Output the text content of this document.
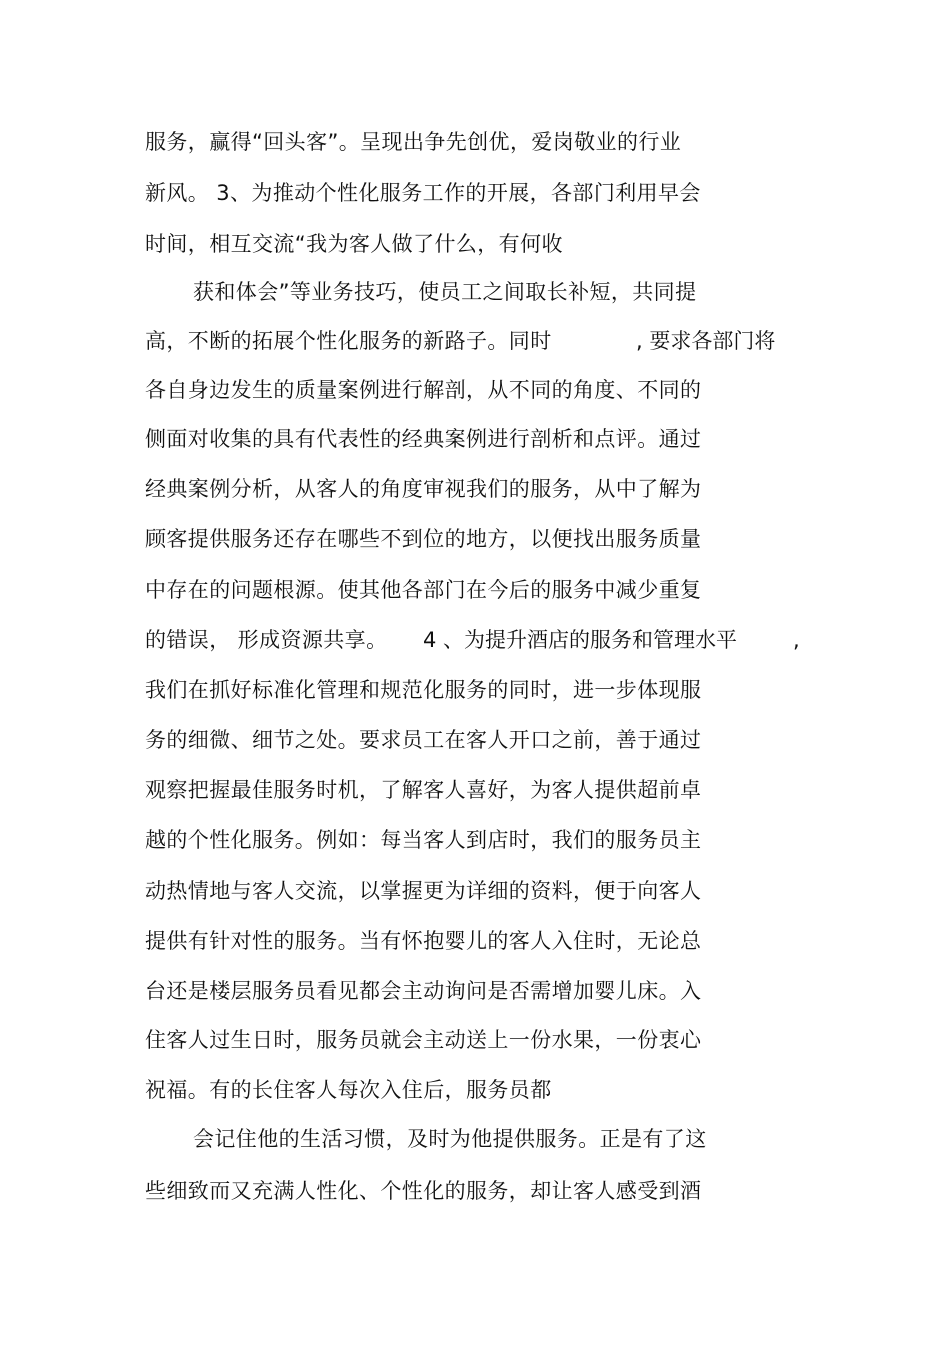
服务，赢得“回头客”。呈现出争先创优，爱岗敬业的行业
新风。 3、为推动个性化服务工作的开展，各部门利用早会
时间，相互交流“我为客人做了什么，有何收
获和体会”等业务技巧，使员工之间取长补短，共同提
高，不断的拓展个性化服务的新路子。同时	, 要求各部门将
各自身边发生的质量案例进行解剖，从不同的角度、不同的
侧面对收集的具有代表性的经典案例进行剖析和点评。通过
经典案例分析，从客人的角度审视我们的服务，从中了解为
顾客提供服务还存在哪些不到位的地方，以便找出服务质量
中存在的问题根源。使其他各部门在今后的服务中减少重复
的错误， 形成资源共享。 4 、为提升酒店的服务和管理水平	,
我们在抓好标准化管理和规范化服务的同时，进一步体现服
务的细微、细节之处。要求员工在客人开口之前，善于通过
观察把握最佳服务时机，了解客人喜好，为客人提供超前卓
越的个性化服务。例如：每当客人到店时，我们的服务员主
动热情地与客人交流，以掌握更为详细的资料，便于向客人
提供有针对性的服务。当有怀抱婴儿的客人入住时，无论总
台还是楼层服务员看见都会主动询问是否需增加婴儿床。入
住客人过生日时，服务员就会主动送上一份水果，一份衷心
祝福。有的长住客人每次入住后，服务员都
会记住他的生活习惯，及时为他提供服务。正是有了这
些细致而又充满人性化、个性化的服务，却让客人感受到酒
